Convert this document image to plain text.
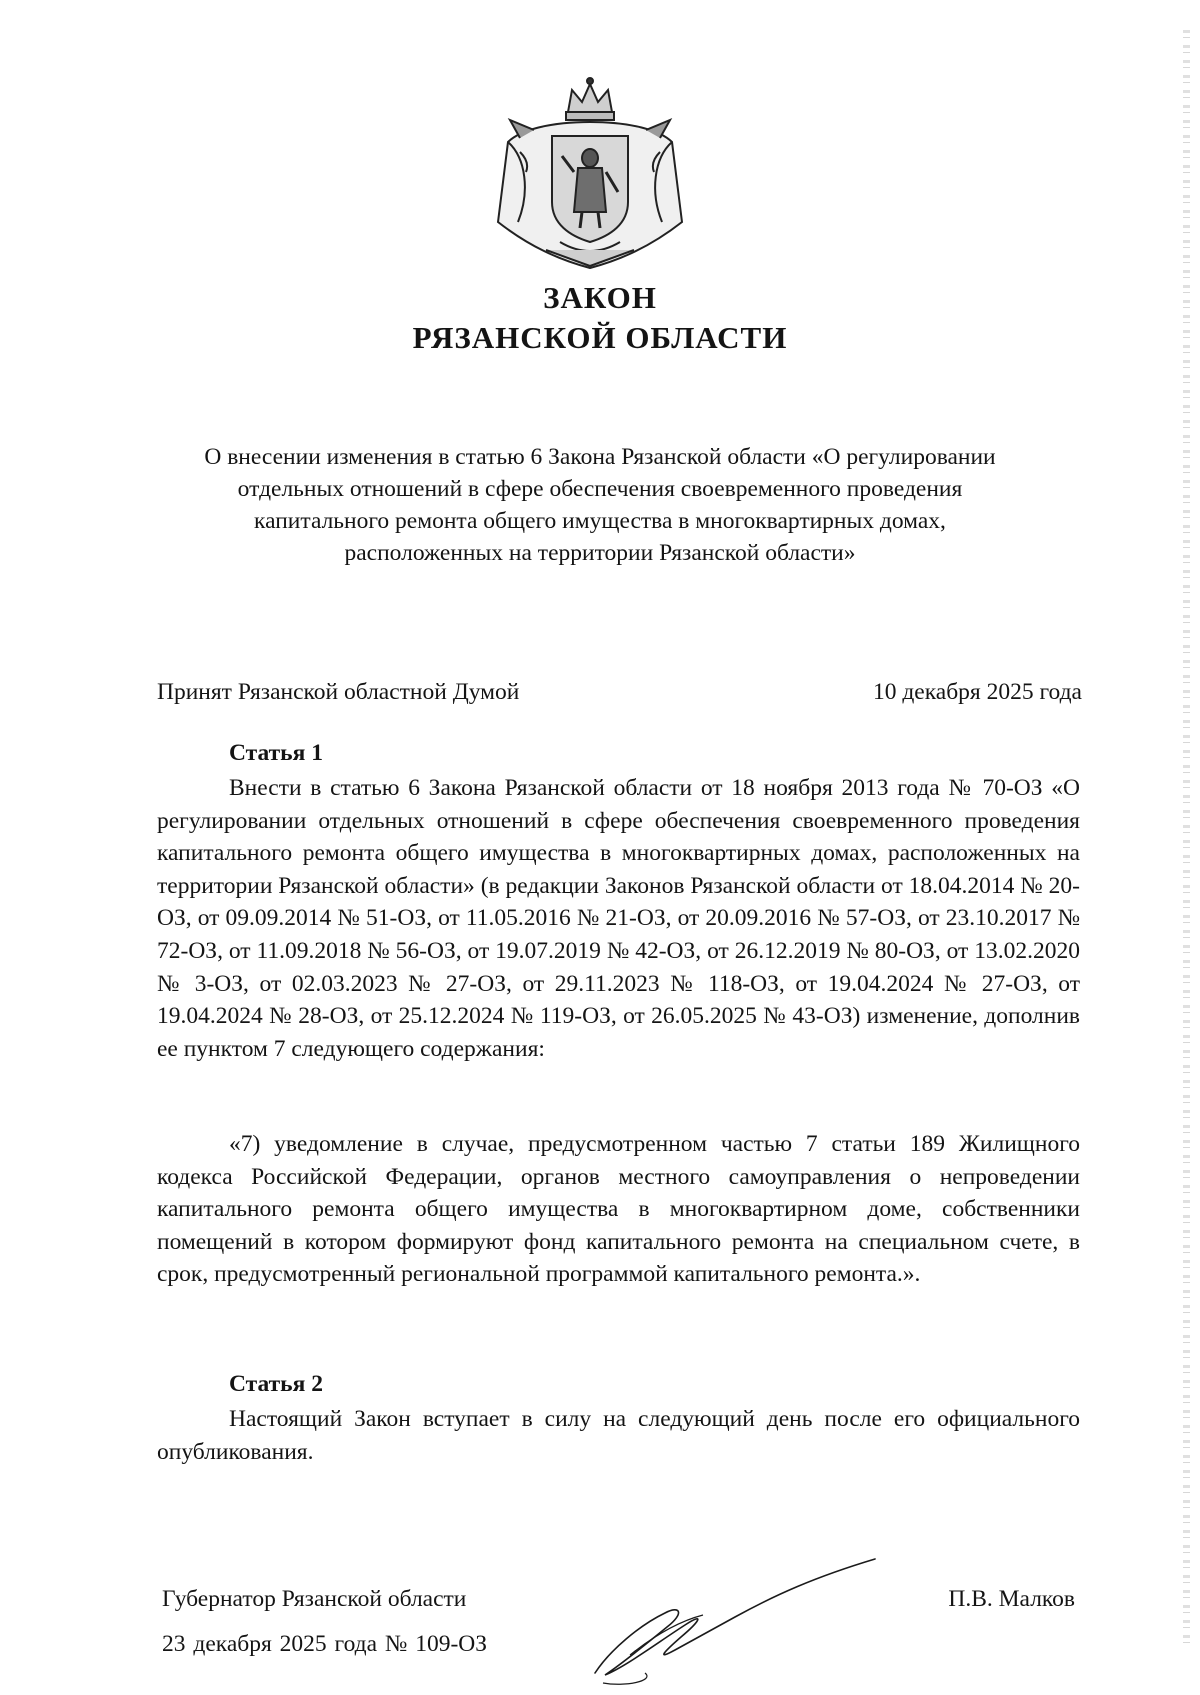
ЗАКОН
РЯЗАНСКОЙ ОБЛАСТИ

О внесении изменения в статью 6 Закона Рязанской области «О регулировании отдельных отношений в сфере обеспечения своевременного проведения капитального ремонта общего имущества в многоквартирных домах, расположенных на территории Рязанской области»

Принят Рязанской областной Думой	10 декабря 2025 года
Статья 1

Внести в статью 6 Закона Рязанской области от 18 ноября 2013 года № 70-ОЗ «О регулировании отдельных отношений в сфере обеспечения своевременного проведения капитального ремонта общего имущества в многоквартирных домах, расположенных на территории Рязанской области» (в редакции Законов Рязанской области от 18.04.2014 № 20-ОЗ, от 09.09.2014 № 51-ОЗ, от 11.05.2016 № 21-ОЗ, от 20.09.2016 № 57-ОЗ, от 23.10.2017 № 72-ОЗ, от 11.09.2018 № 56-ОЗ, от 19.07.2019 № 42-ОЗ, от 26.12.2019 № 80-ОЗ, от 13.02.2020 № 3-ОЗ, от 02.03.2023 № 27-ОЗ, от 29.11.2023 № 118-ОЗ, от 19.04.2024 № 27-ОЗ, от 19.04.2024 № 28-ОЗ, от 25.12.2024 № 119-ОЗ, от 26.05.2025 № 43-ОЗ) изменение, дополнив ее пунктом 7 следующего содержания:

«7) уведомление в случае, предусмотренном частью 7 статьи 189 Жилищного кодекса Российской Федерации, органов местного самоуправления о непроведении капитального ремонта общего имущества в многоквартирном доме, собственники помещений в котором формируют фонд капитального ремонта на специальном счете, в срок, предусмотренный региональной программой капитального ремонта.».

Статья 2

Настоящий Закон вступает в силу на следующий день после его официального опубликования.

Губернатор Рязанской области	П.В. Малков
23 декабря 2025 года № 109-ОЗ
